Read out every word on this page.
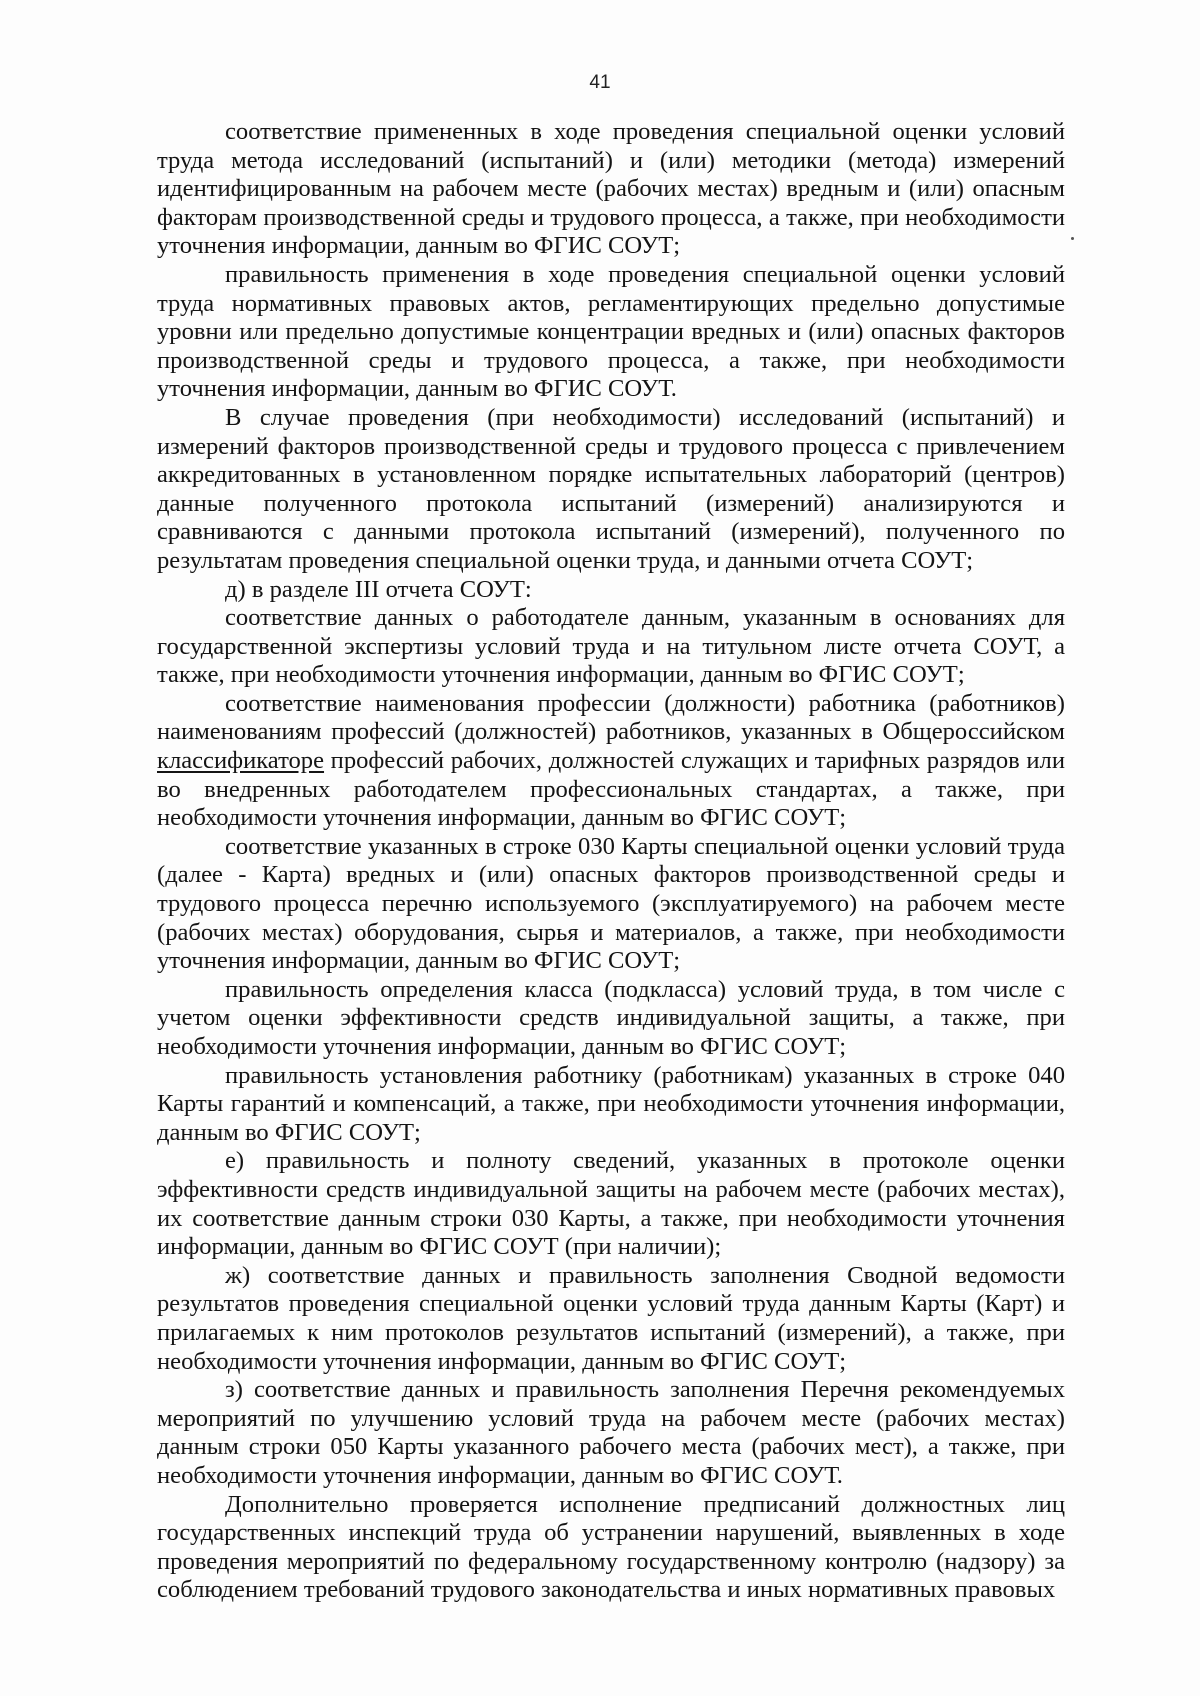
41

соответствие примененных в ходе проведения специальной оценки условий труда метода исследований (испытаний) и (или) методики (метода) измерений идентифицированным на рабочем месте (рабочих местах) вредным и (или) опасным факторам производственной среды и трудового процесса, а также, при необходимости уточнения информации, данным во ФГИС СОУТ;

правильность применения в ходе проведения специальной оценки условий труда нормативных правовых актов, регламентирующих предельно допустимые уровни или предельно допустимые концентрации вредных и (или) опасных факторов производственной среды и трудового процесса, а также, при необходимости уточнения информации, данным во ФГИС СОУТ.

В случае проведения (при необходимости) исследований (испытаний) и измерений факторов производственной среды и трудового процесса с привлечением аккредитованных в установленном порядке испытательных лабораторий (центров) данные полученного протокола испытаний (измерений) анализируются и сравниваются с данными протокола испытаний (измерений), полученного по результатам проведения специальной оценки труда, и данными отчета СОУТ;

д) в разделе III отчета СОУТ:

соответствие данных о работодателе данным, указанным в основаниях для государственной экспертизы условий труда и на титульном листе отчета СОУТ, а также, при необходимости уточнения информации, данным во ФГИС СОУТ;

соответствие наименования профессии (должности) работника (работников) наименованиям профессий (должностей) работников, указанных в Общероссийском классификаторе профессий рабочих, должностей служащих и тарифных разрядов или во внедренных работодателем профессиональных стандартах, а также, при необходимости уточнения информации, данным во ФГИС СОУТ;

соответствие указанных в строке 030 Карты специальной оценки условий труда (далее - Карта) вредных и (или) опасных факторов производственной среды и трудового процесса перечню используемого (эксплуатируемого) на рабочем месте (рабочих местах) оборудования, сырья и материалов, а также, при необходимости уточнения информации, данным во ФГИС СОУТ;

правильность определения класса (подкласса) условий труда, в том числе с учетом оценки эффективности средств индивидуальной защиты, а также, при необходимости уточнения информации, данным во ФГИС СОУТ;

правильность установления работнику (работникам) указанных в строке 040 Карты гарантий и компенсаций, а также, при необходимости уточнения информации, данным во ФГИС СОУТ;

е) правильность и полноту сведений, указанных в протоколе оценки эффективности средств индивидуальной защиты на рабочем месте (рабочих местах), их соответствие данным строки 030 Карты, а также, при необходимости уточнения информации, данным во ФГИС СОУТ (при наличии);

ж) соответствие данных и правильность заполнения Сводной ведомости результатов проведения специальной оценки условий труда данным Карты (Карт) и прилагаемых к ним протоколов результатов испытаний (измерений), а также, при необходимости уточнения информации, данным во ФГИС СОУТ;

з) соответствие данных и правильность заполнения Перечня рекомендуемых мероприятий по улучшению условий труда на рабочем месте (рабочих местах) данным строки 050 Карты указанного рабочего места (рабочих мест), а также, при необходимости уточнения информации, данным во ФГИС СОУТ.

Дополнительно проверяется исполнение предписаний должностных лиц государственных инспекций труда об устранении нарушений, выявленных в ходе проведения мероприятий по федеральному государственному контролю (надзору) за соблюдением требований трудового законодательства и иных нормативных правовых
